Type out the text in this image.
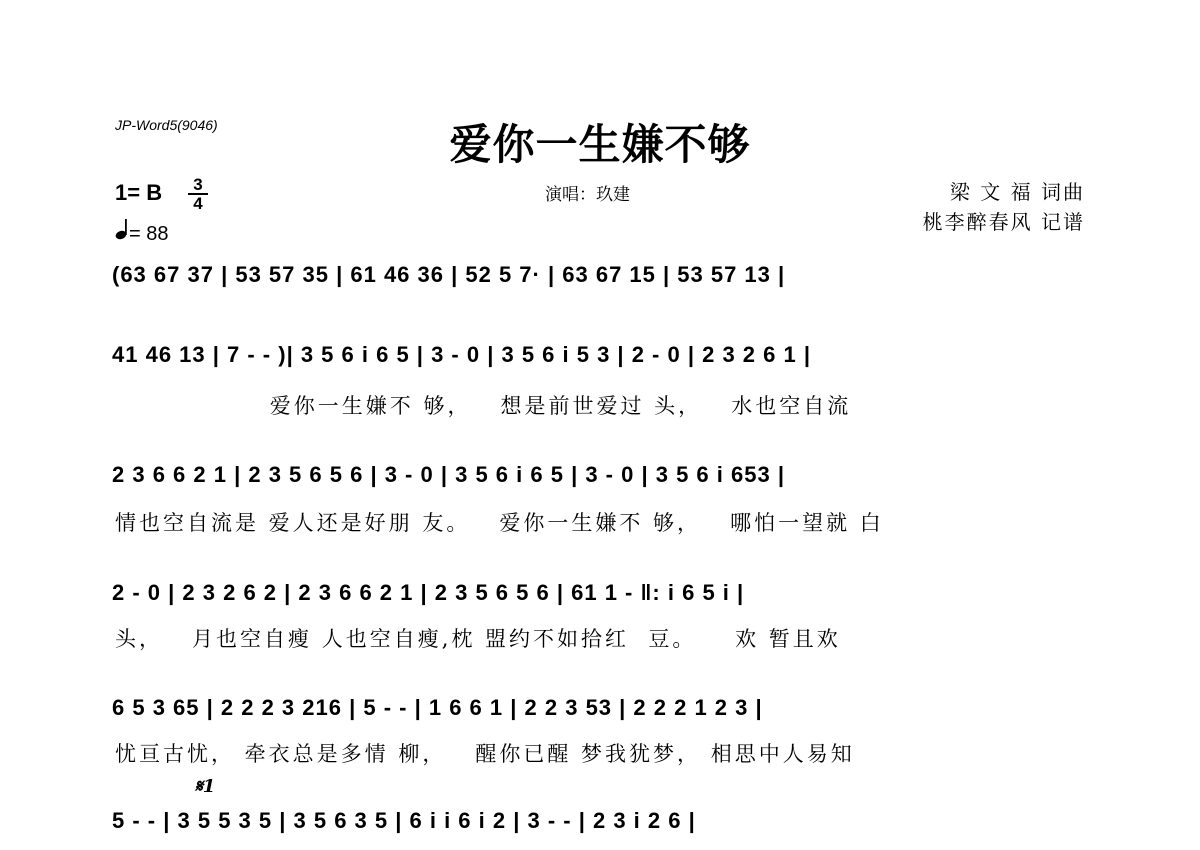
JP-Word5(9046)	爱你一生嫌不够
1= B	3
4
= 88
演唱：玖建	梁 文 福 词曲
桃李醉春风 记谱
(63 67 37 | 53 57 35 | 61 46 36 | 52 5 7· | 63 67 15 | 53 57 13 |
41 46 13 | 7 - - )| 3 5 6 i 6 5 | 3 - 0 | 3 5 6 i 5 3 | 2 - 0 | 2 3 2 6 1 |
爱你一生嫌不 够，   想是前世爱过 头，   水也空自流
2 3 6 6 2 1 | 2 3 5 6 5 6 | 3 - 0 | 3 5 6 i 6 5 | 3 - 0 | 3 5 6 i 653 |
情也空自流是 爱人还是好朋 友。   爱你一生嫌不 够，   哪怕一望就 白
2 - 0 | 2 3 2 6 2 | 2 3 6 6 2 1 | 2 3 5 6 5 6 | 61 1 - ‖: i 6 5 i |
头，   月也空自瘦 人也空自瘦,枕 盟约不如拾红  豆。    欢 暂且欢
6 5 3 65 | 2 2 2 3 216 | 5 - - | 1 6 6 1 | 2 2 3 53 | 2 2 2 1 2 3 |
忧亘古忧， 牵衣总是多情 柳，   醒你已醒 梦我犹梦， 相思中人易知
𝄋1
5 - - | 3 5 5 3 5 | 3 5 6 3 5 | 6 i i 6 i 2 | 3 - - | 2 3 i 2 6 |
